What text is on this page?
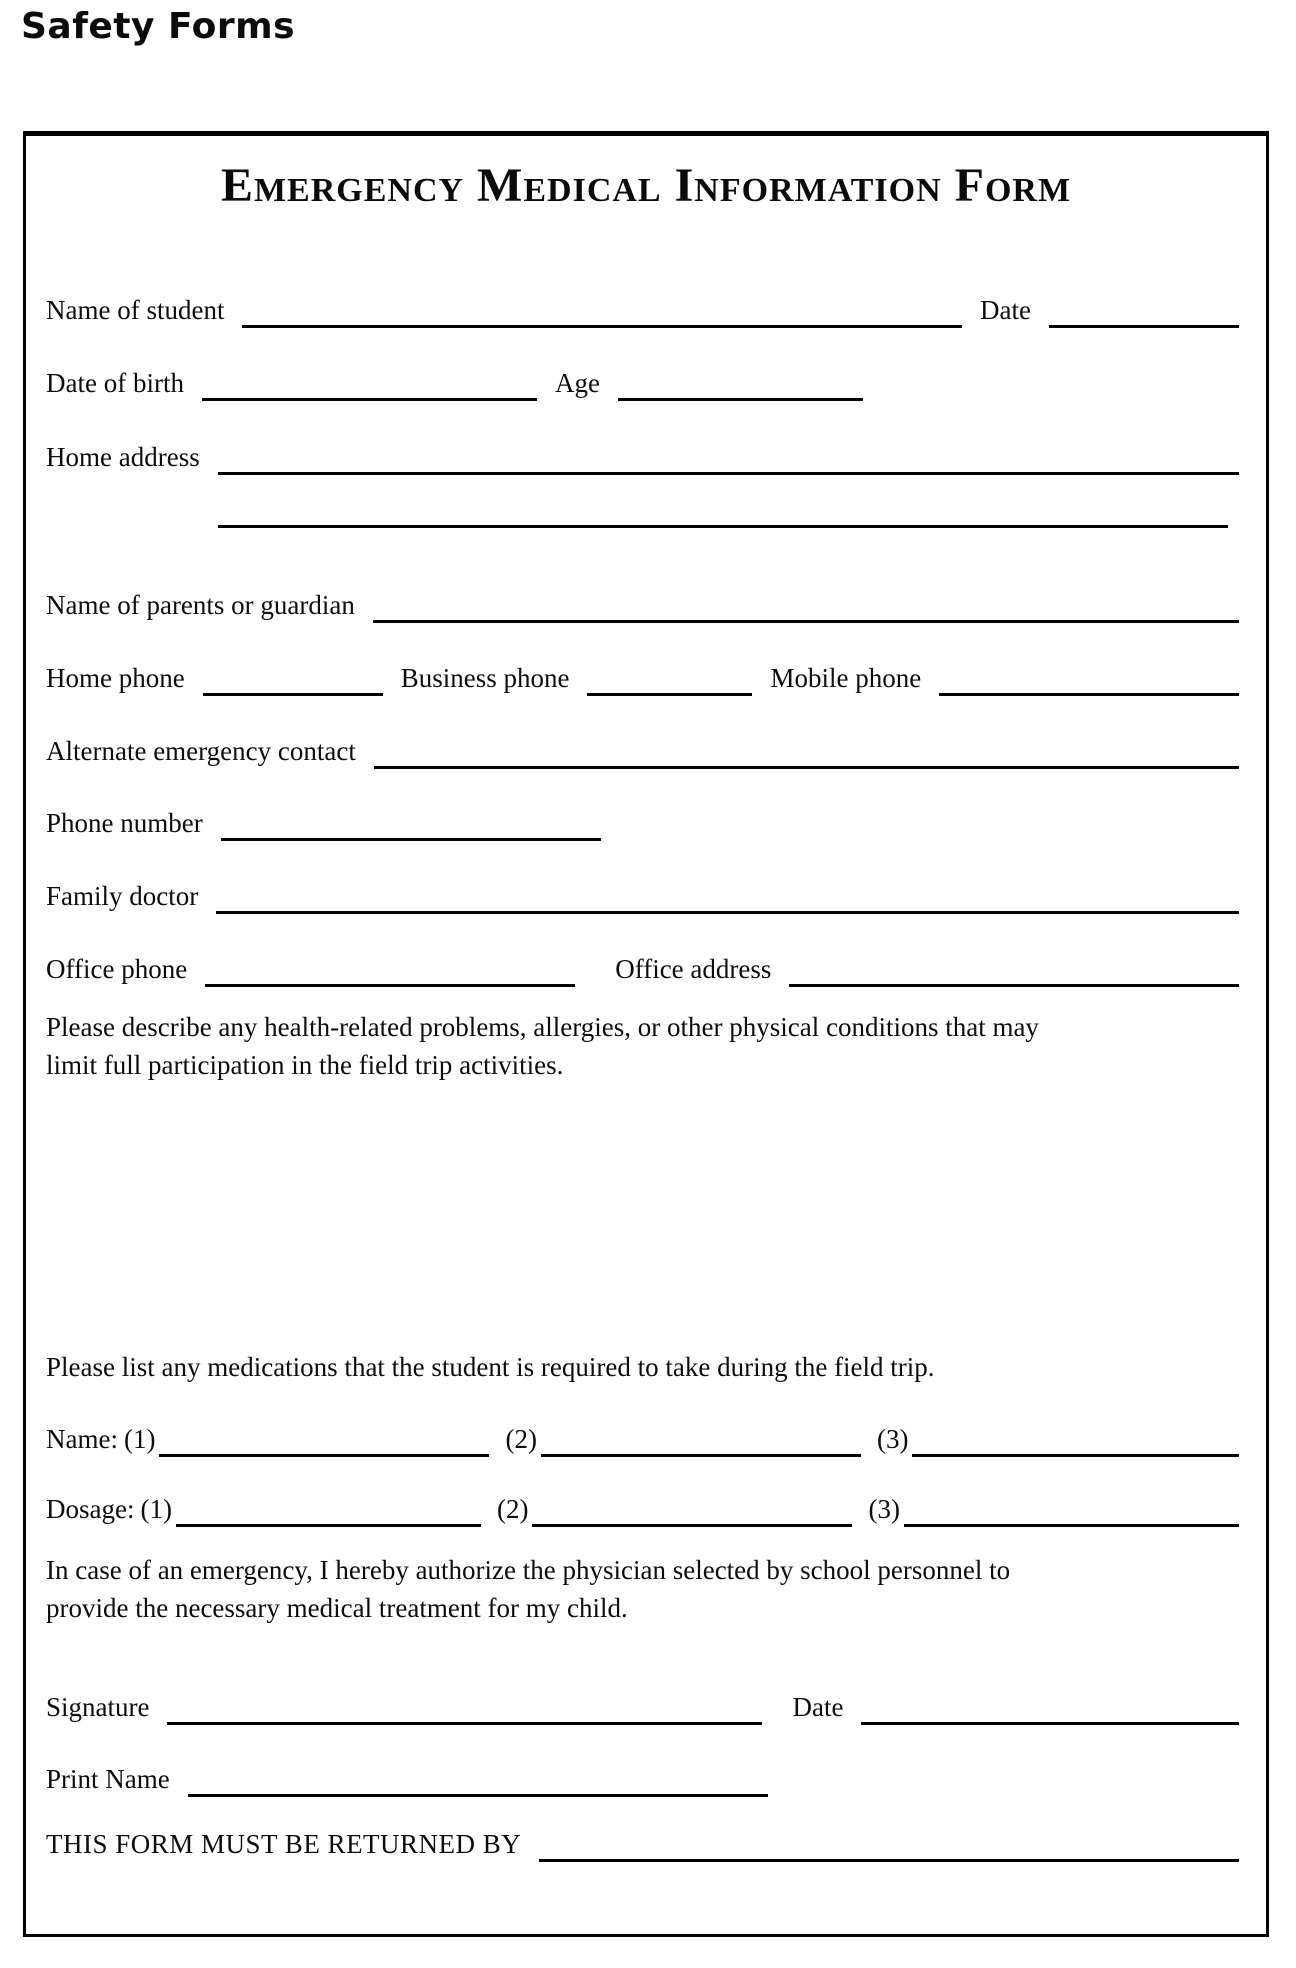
Safety Forms
Emergency Medical Information Form
Name of student	Date
Date of birth	Age
Home address
Name of parents or guardian
Home phone	Business phone	Mobile phone
Alternate emergency contact
Phone number
Family doctor
Office phone	Office address
Please describe any health-related problems, allergies, or other physical conditions that may
limit full participation in the field trip activities.
Please list any medications that the student is required to take during the field trip.
Name: (1)	(2)	(3)
Dosage: (1)	(2)	(3)
In case of an emergency, I hereby authorize the physician selected by school personnel to
provide the necessary medical treatment for my child.
Signature	Date
Print Name
THIS FORM MUST BE RETURNED BY
